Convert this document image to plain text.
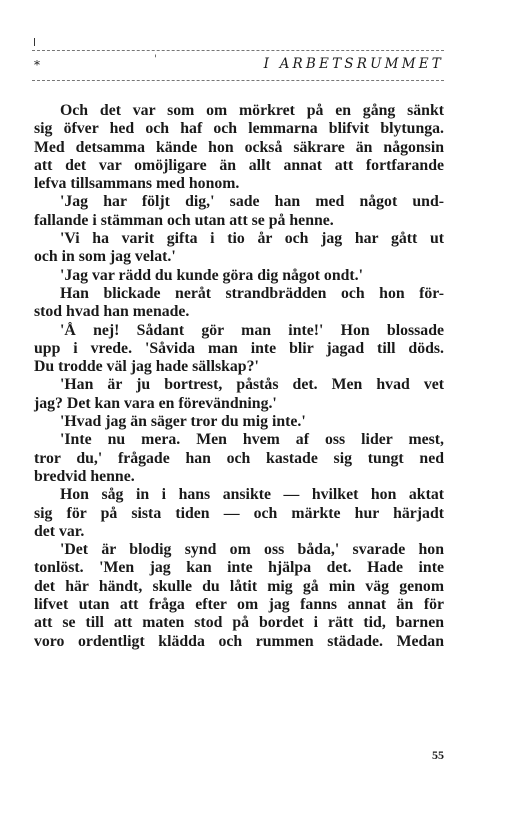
*	'	I ARBETSRUMMET
Och det var som om mörkret på en gång sänkt
sig öfver hed och haf och lemmarna blifvit blytunga.
Med detsamma kände hon också säkrare än någonsin
att det var omöjligare än allt annat att fortfarande
lefva tillsammans med honom.
'Jag har följt dig,' sade han med något und-
fallande i stämman och utan att se på henne.
'Vi ha varit gifta i tio år och jag har gått ut
och in som jag velat.'
'Jag var rädd du kunde göra dig något ondt.'
Han blickade neråt strandbrädden och hon för-
stod hvad han menade.
'Å nej! Sådant gör man inte!' Hon blossade
upp i vrede. 'Såvida man inte blir jagad till döds.
Du trodde väl jag hade sällskap?'
'Han är ju bortrest, påstås det. Men hvad vet
jag? Det kan vara en förevändning.'
'Hvad jag än säger tror du mig inte.'
'Inte nu mera. Men hvem af oss lider mest,
tror du,' frågade han och kastade sig tungt ned
bredvid henne.
Hon såg in i hans ansikte — hvilket hon aktat
sig för på sista tiden — och märkte hur härjadt
det var.
'Det är blodig synd om oss båda,' svarade hon
tonlöst. 'Men jag kan inte hjälpa det. Hade inte
det här händt, skulle du låtit mig gå min väg genom
lifvet utan att fråga efter om jag fanns annat än för
att se till att maten stod på bordet i rätt tid, barnen
voro ordentligt klädda och rummen städade. Medan
55
